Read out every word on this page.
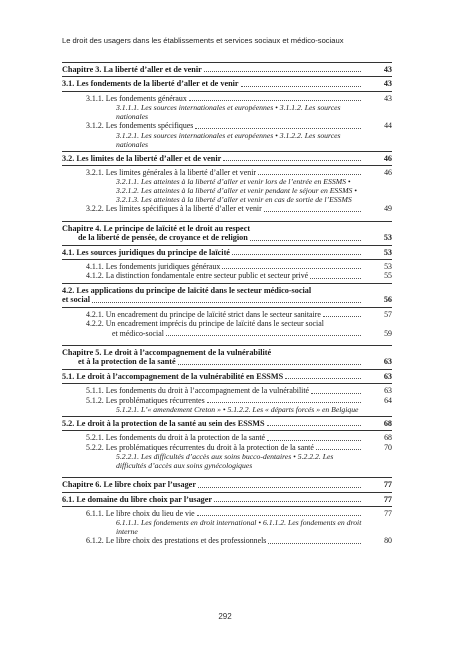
Le droit des usagers dans les établissements et services sociaux et médico-sociaux
Chapitre 3. La liberté d’aller et de venir	43
3.1. Les fondements de la liberté d’aller et de venir	43
3.1.1. Les fondements généraux	43
3.1.1.1. Les sources internationales et européennes • 3.1.1.2. Les sources nationales
3.1.2. Les fondements spécifiques	44
3.1.2.1. Les sources internationales et européennes • 3.1.2.2. Les sources nationales
3.2. Les limites de la liberté d’aller et de venir	46
3.2.1. Les limites générales à la liberté d’aller et venir	46
3.2.1.1. Les atteintes à la liberté d’aller et venir lors de l’entrée en ESSMS • 3.2.1.2. Les atteintes à la liberté d’aller et venir pendant le séjour en ESSMS • 3.2.1.3. Les atteintes à la liberté d’aller et venir en cas de sortie de l’ESSMS
3.2.2. Les limites spécifiques à la liberté d’aller et venir	49
Chapitre 4. Le principe de laïcité et le droit au respect
de la liberté de pensée, de croyance et de religion	53
4.1. Les sources juridiques du principe de laïcité	53
4.1.1. Les fondements juridiques généraux	53
4.1.2. La distinction fondamentale entre secteur public et secteur privé	55
4.2. Les applications du principe de laïcité dans le secteur médico-social
et social	56
4.2.1. Un encadrement du principe de laïcité strict dans le secteur sanitaire	57
4.2.2. Un encadrement imprécis du principe de laïcité dans le secteur social
et médico-social	59
Chapitre 5. Le droit à l’accompagnement de la vulnérabilité
et à la protection de la santé	63
5.1. Le droit à l’accompagnement de la vulnérabilité en ESSMS	63
5.1.1. Les fondements du droit à l’accompagnement de la vulnérabilité	63
5.1.2. Les problématiques récurrentes	64
5.1.2.1. L’« amendement Creton » • 5.1.2.2. Les « départs forcés » en Belgique
5.2. Le droit à la protection de la santé au sein des ESSMS	68
5.2.1. Les fondements du droit à la protection de la santé	68
5.2.2. Les problématiques récurrentes du droit à la protection de la santé	70
5.2.2.1. Les difficultés d’accès aux soins bucco-dentaires • 5.2.2.2. Les difficultés d’accès aux soins gynécologiques
Chapitre 6. Le libre choix par l’usager	77
6.1. Le domaine du libre choix par l’usager	77
6.1.1. Le libre choix du lieu de vie	77
6.1.1.1. Les fondements en droit international • 6.1.1.2. Les fondements en droit interne
6.1.2. Le libre choix des prestations et des professionnels	80
292
